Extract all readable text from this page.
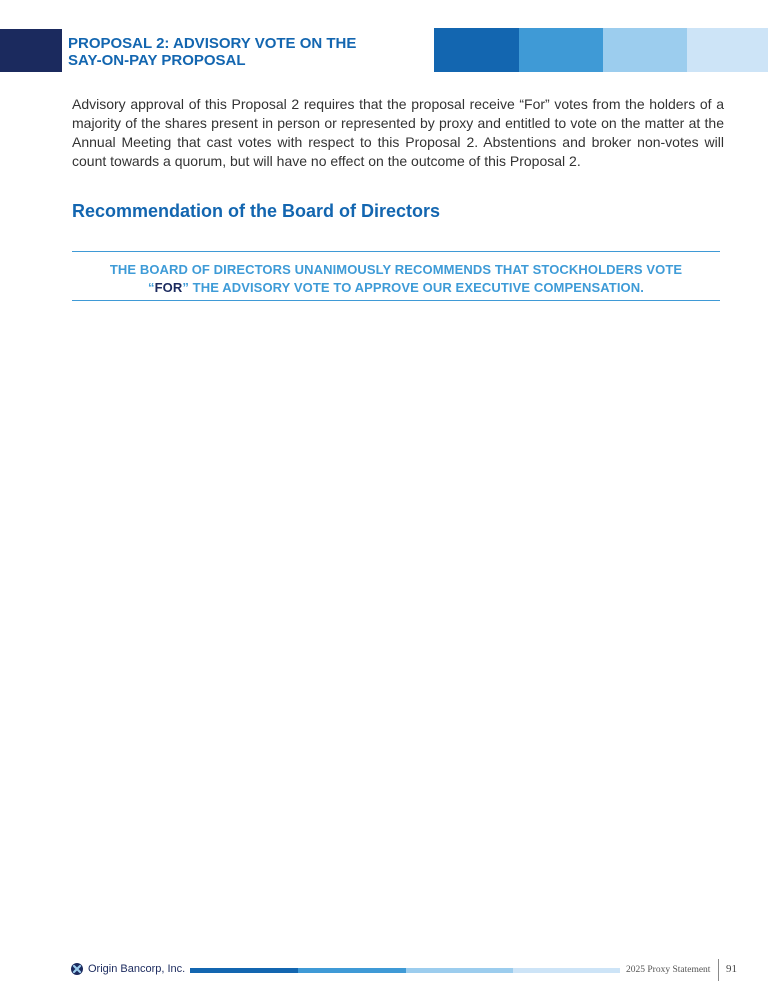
PROPOSAL 2: ADVISORY VOTE ON THE
SAY-ON-PAY PROPOSAL

Advisory approval of this Proposal 2 requires that the proposal receive “For” votes from the holders of a majority of the shares present in person or represented by proxy and entitled to vote on the matter at the Annual Meeting that cast votes with respect to this Proposal 2. Abstentions and broker non-votes will count towards a quorum, but will have no effect on the outcome of this Proposal 2.

Recommendation of the Board of Directors

THE BOARD OF DIRECTORS UNANIMOUSLY RECOMMENDS THAT STOCKHOLDERS VOTE
“FOR” THE ADVISORY VOTE TO APPROVE OUR EXECUTIVE COMPENSATION.

Origin Bancorp, Inc.	2025 Proxy Statement 91
